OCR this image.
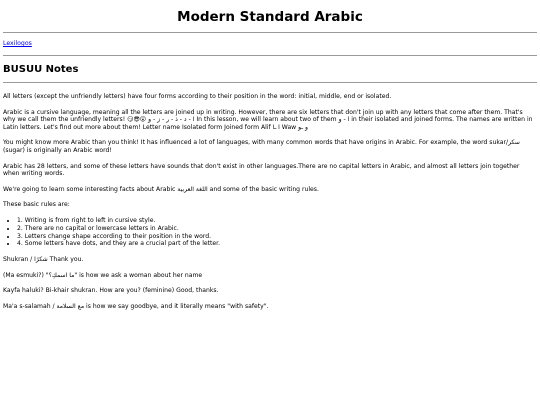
Modern Standard Arabic
Lexilogos
BUSUU Notes

All letters (except the unfriendly letters) have four forms according to their position in the word: initial, middle, end or isolated.

Arabic is a cursive language, meaning all the letters are joined up in writing. However, there are six letters that don't join up with any letters that come after them. That's why we call them the unfriendly letters! 😏😎😮 ا - د - ذ - ر - ز - و In this lesson, we will learn about two of them ا - و in their isolated and joined forms. The names are written in Latin letters. Let's find out more about them! Letter name Isolated form Joined form Alif ا ـا Waw و ـو

You might know more Arabic than you think! It has influenced a lot of languages, with many common words that have origins in Arabic. For example, the word sukar/سكر (sugar) is originally an Arabic word!

Arabic has 28 letters, and some of these letters have sounds that don't exist in other languages.There are no capital letters in Arabic, and almost all letters join together when writing words.

We're going to learn some interesting facts about Arabic اللغة العربية and some of the basic writing rules.

These basic rules are:

• 1. Writing is from right to left in cursive style.
• 2. There are no capital or lowercase letters in Arabic.
• 3. Letters change shape according to their position in the word.
• 4. Some letters have dots, and they are a crucial part of the letter.

Shukran / شكرًا Thank you.

(Ma esmuki?) "ما اسمكِ؟" is how we ask a woman about her name

Kayfa haluki? Bi-khair shukran. How are you? (feminine) Good, thanks.

Ma'a s-salamah / مع السلامة is how we say goodbye, and it literally means "with safety".
